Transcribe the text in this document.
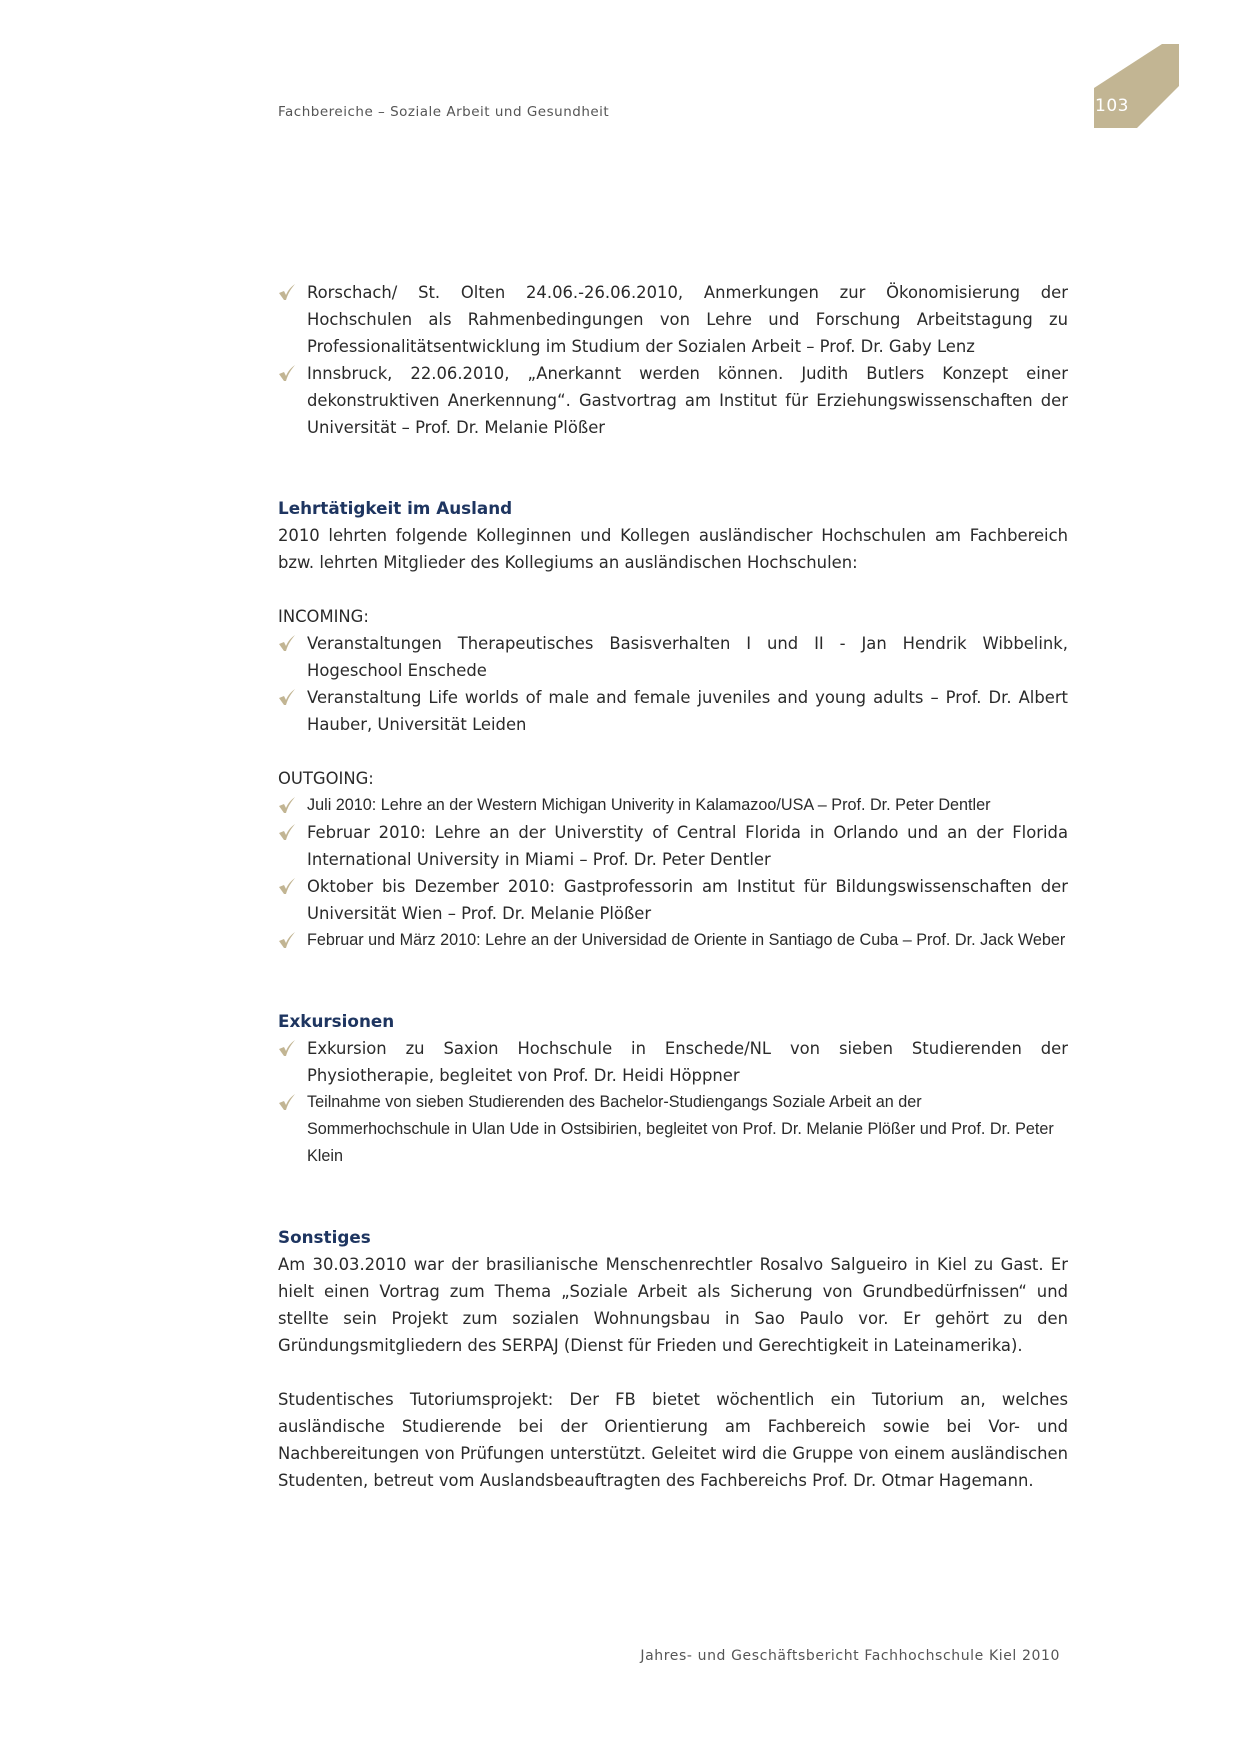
Fachbereiche – Soziale Arbeit und Gesundheit	103
Rorschach/ St. Olten 24.06.-26.06.2010, Anmerkungen zur Ökonomisierung der Hochschulen als Rahmenbedingungen von Lehre und Forschung Arbeitstagung zu Professionalitätsentwicklung im Studium der Sozialen Arbeit – Prof. Dr. Gaby Lenz
Innsbruck, 22.06.2010, „Anerkannt werden können. Judith Butlers Konzept einer dekonstruktiven Anerkennung“. Gastvortrag am Institut für Erziehungswissenschaften der Universität – Prof. Dr. Melanie Plößer
Lehrtätigkeit im Ausland

2010 lehrten folgende Kolleginnen und Kollegen ausländischer Hochschulen am Fachbereich bzw. lehrten Mitglieder des Kollegiums an ausländischen Hochschulen:

INCOMING:
Veranstaltungen Therapeutisches Basisverhalten I und II - Jan Hendrik Wibbelink, Hogeschool Enschede
Veranstaltung Life worlds of male and female juveniles and young adults – Prof. Dr. Albert Hauber, Universität Leiden
OUTGOING:
Juli 2010: Lehre an der Western Michigan Univerity in Kalamazoo/USA – Prof. Dr. Peter Dentler
Februar 2010: Lehre an der Universtity of Central Florida in Orlando und an der Florida International University in Miami – Prof. Dr. Peter Dentler
Oktober bis Dezember 2010: Gastprofessorin am Institut für Bildungswissenschaften der Universität Wien – Prof. Dr. Melanie Plößer
Februar und März 2010: Lehre an der Universidad de Oriente in Santiago de Cuba – Prof. Dr. Jack Weber
Exkursionen
Exkursion zu Saxion Hochschule in Enschede/NL von sieben Studierenden der Physiotherapie, begleitet von Prof. Dr. Heidi Höppner
Teilnahme von sieben Studierenden des Bachelor-Studiengangs Soziale Arbeit an der Sommerhochschule in Ulan Ude in Ostsibirien, begleitet von Prof. Dr. Melanie Plößer und Prof. Dr. Peter Klein
Sonstiges

Am 30.03.2010 war der brasilianische Menschenrechtler Rosalvo Salgueiro in Kiel zu Gast. Er hielt einen Vortrag zum Thema „Soziale Arbeit als Sicherung von Grundbedürfnissen“ und stellte sein Projekt zum sozialen Wohnungsbau in Sao Paulo vor. Er gehört zu den Gründungsmitgliedern des SERPAJ (Dienst für Frieden und Gerechtigkeit in Lateinamerika).

Studentisches Tutoriumsprojekt: Der FB bietet wöchentlich ein Tutorium an, welches ausländische Studierende bei der Orientierung am Fachbereich sowie bei Vor- und Nachbereitungen von Prüfungen unterstützt. Geleitet wird die Gruppe von einem ausländischen Studenten, betreut vom Auslandsbeauftragten des Fachbereichs Prof. Dr. Otmar Hagemann.

Jahres- und Geschäftsbericht Fachhochschule Kiel 2010
